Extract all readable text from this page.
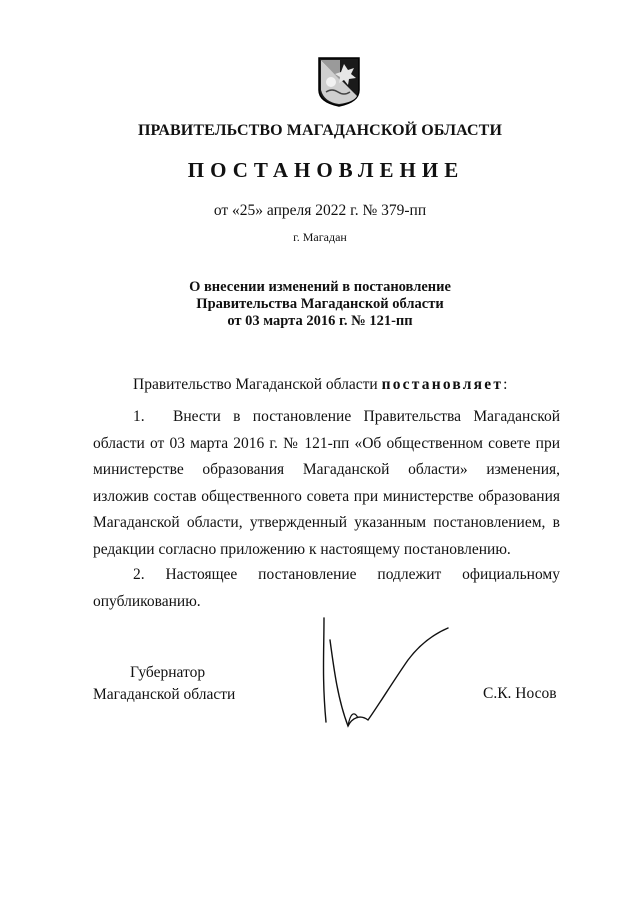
ПРАВИТЕЛЬСТВО МАГАДАНСКОЙ ОБЛАСТИ
ПОСТАНОВЛЕНИЕ
от «25» апреля 2022 г. № 379-пп
г. Магадан
О внесении изменений в постановление
Правительства Магаданской области
от 03 марта 2016 г. № 121-пп
Правительство Магаданской области постановляет:
1. Внести в постановление Правительства Магаданской области от 03 марта 2016 г. № 121-пп «Об общественном совете при министерстве образования Магаданской области» изменения, изложив состав общественного совета при министерстве образования Магаданской области, утвержденный указанным постановлением, в редакции согласно приложению к настоящему постановлению.
2. Настоящее постановление подлежит официальному
опубликованию.
Губернатор
Магаданской области	С.К. Носов
